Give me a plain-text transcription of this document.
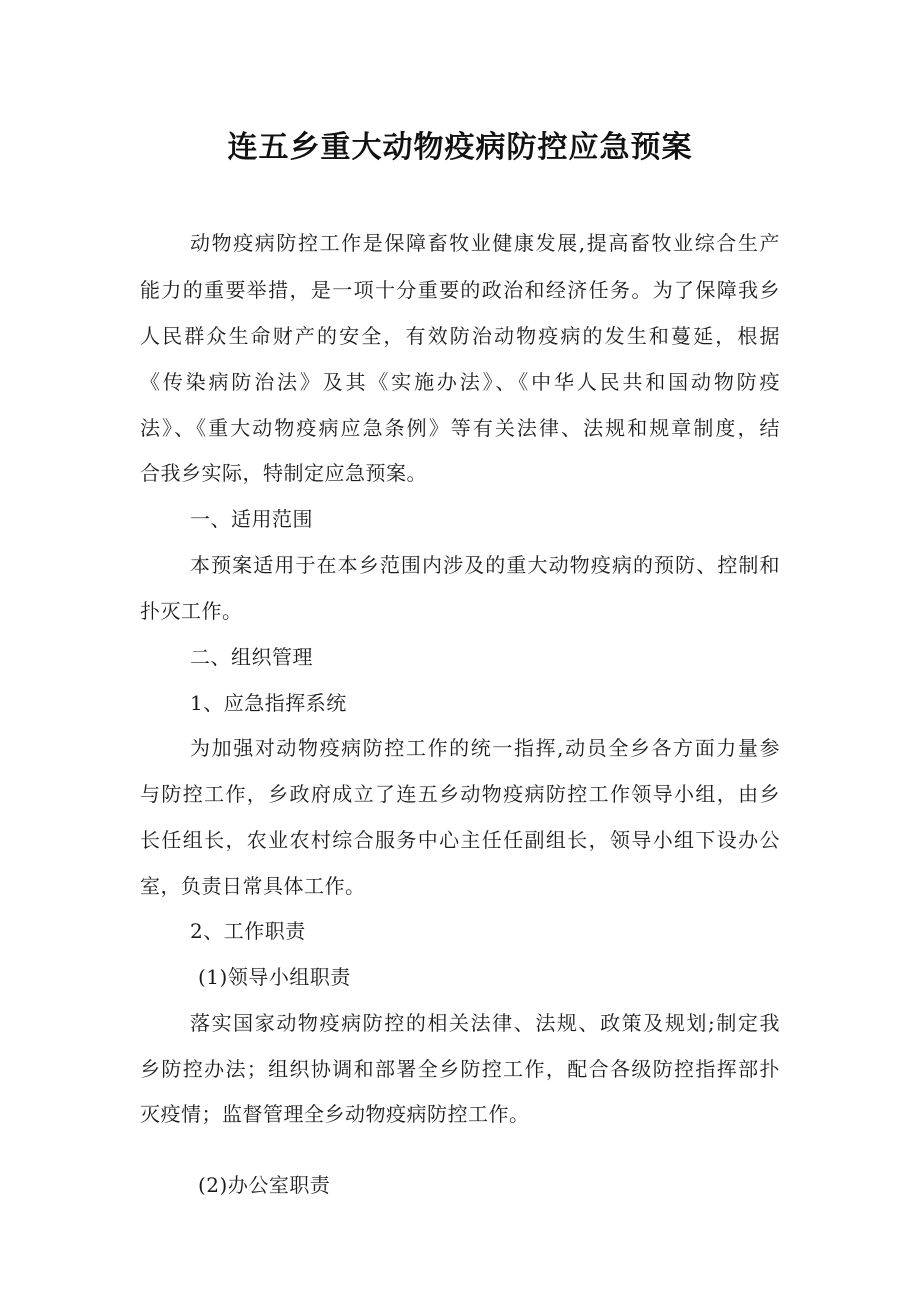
连五乡重大动物疫病防控应急预案
动物疫病防控工作是保障畜牧业健康发展,提高畜牧业综合生产
能力的重要举措，是一项十分重要的政治和经济任务。为了保障我乡
人民群众生命财产的安全，有效防治动物疫病的发生和蔓延，根据
《传染病防治法》及其《实施办法》、《中华人民共和国动物防疫
法》、《重大动物疫病应急条例》等有关法律、法规和规章制度，结
合我乡实际，特制定应急预案。
一、适用范围
本预案适用于在本乡范围内涉及的重大动物疫病的预防、控制和
扑灭工作。
二、组织管理
1、应急指挥系统
为加强对动物疫病防控工作的统一指挥,动员全乡各方面力量参
与防控工作，乡政府成立了连五乡动物疫病防控工作领导小组，由乡
长任组长，农业农村综合服务中心主任任副组长，领导小组下设办公
室，负责日常具体工作。
2、工作职责
(1)领导小组职责
落实国家动物疫病防控的相关法律、法规、政策及规划;制定我
乡防控办法；组织协调和部署全乡防控工作，配合各级防控指挥部扑
灭疫情；监督管理全乡动物疫病防控工作。
(2)办公室职责
